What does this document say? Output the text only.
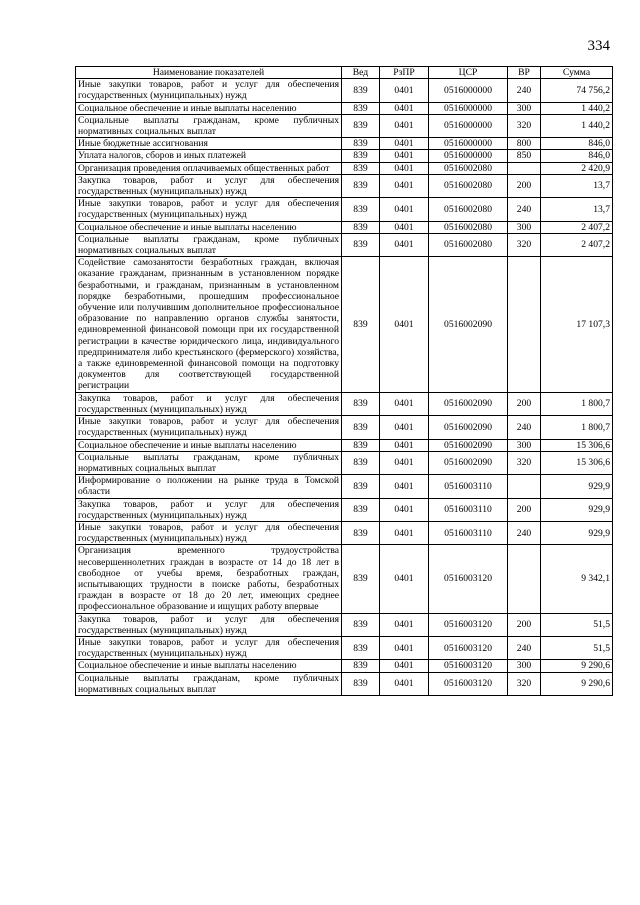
334
Наименование показателей	Вед	РзПР	ЦСР	ВР	Сумма
Иные закупки товаров, работ и услуг для обеспечения государственных (муниципальных) нужд	839	0401	0516000000	240	74 756,2
Социальное обеспечение и иные выплаты населению	839	0401	0516000000	300	1 440,2
Социальные выплаты гражданам, кроме публичных нормативных социальных выплат	839	0401	0516000000	320	1 440,2
Иные бюджетные ассигнования	839	0401	0516000000	800	846,0
Уплата налогов, сборов и иных платежей	839	0401	0516000000	850	846,0
Организация проведения оплачиваемых общественных работ	839	0401	0516002080		2 420,9
Закупка товаров, работ и услуг для обеспечения государственных (муниципальных) нужд	839	0401	0516002080	200	13,7
Иные закупки товаров, работ и услуг для обеспечения государственных (муниципальных) нужд	839	0401	0516002080	240	13,7
Социальное обеспечение и иные выплаты населению	839	0401	0516002080	300	2 407,2
Социальные выплаты гражданам, кроме публичных нормативных социальных выплат	839	0401	0516002080	320	2 407,2
Содействие самозанятости безработных граждан, включая оказание гражданам, признанным в установленном порядке безработными, и гражданам, признанным в установленном порядке безработными, прошедшим профессиональное обучение или получившим дополнительное профессиональное образование по направлению органов службы занятости, единовременной финансовой помощи при их государственной регистрации в качестве юридического лица, индивидуального предпринимателя либо крестьянского (фермерского) хозяйства, а также единовременной финансовой помощи на подготовку документов для соответствующей государственной регистрации	839	0401	0516002090		17 107,3
Закупка товаров, работ и услуг для обеспечения государственных (муниципальных) нужд	839	0401	0516002090	200	1 800,7
Иные закупки товаров, работ и услуг для обеспечения государственных (муниципальных) нужд	839	0401	0516002090	240	1 800,7
Социальное обеспечение и иные выплаты населению	839	0401	0516002090	300	15 306,6
Социальные выплаты гражданам, кроме публичных нормативных социальных выплат	839	0401	0516002090	320	15 306,6
Информирование о положении на рынке труда в Томской области	839	0401	0516003110		929,9
Закупка товаров, работ и услуг для обеспечения государственных (муниципальных) нужд	839	0401	0516003110	200	929,9
Иные закупки товаров, работ и услуг для обеспечения государственных (муниципальных) нужд	839	0401	0516003110	240	929,9
Организация временного трудоустройства несовершеннолетних граждан в возрасте от 14 до 18 лет в свободное от учебы время, безработных граждан, испытывающих трудности в поиске работы, безработных граждан в возрасте от 18 до 20 лет, имеющих среднее профессиональное образование и ищущих работу впервые	839	0401	0516003120		9 342,1
Закупка товаров, работ и услуг для обеспечения государственных (муниципальных) нужд	839	0401	0516003120	200	51,5
Иные закупки товаров, работ и услуг для обеспечения государственных (муниципальных) нужд	839	0401	0516003120	240	51,5
Социальное обеспечение и иные выплаты населению	839	0401	0516003120	300	9 290,6
Социальные выплаты гражданам, кроме публичных нормативных социальных выплат	839	0401	0516003120	320	9 290,6
